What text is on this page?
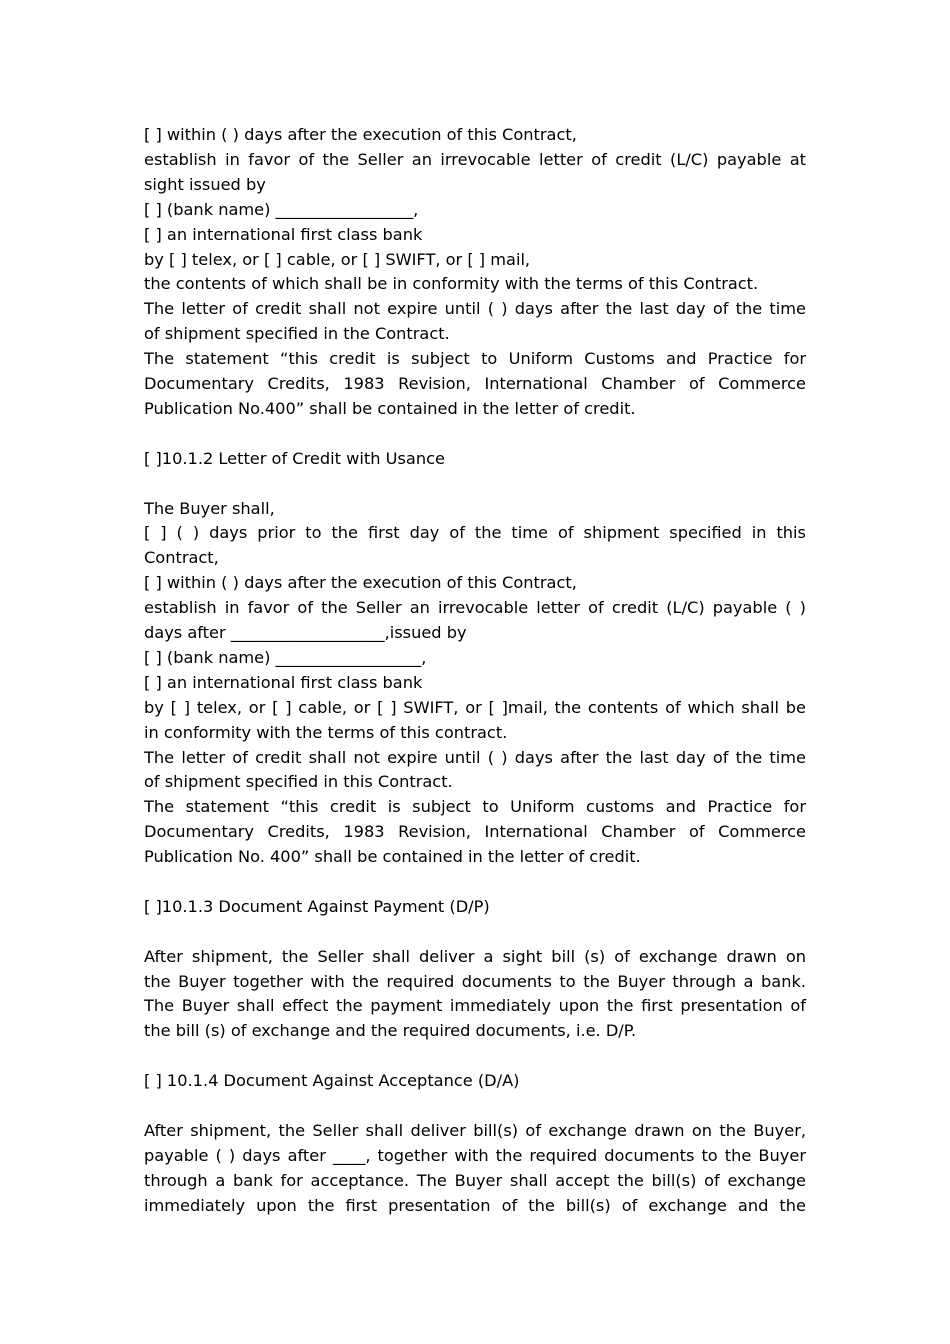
[ ] within ( ) days after the execution of this Contract,
establish in favor of the Seller an irrevocable letter of credit (L/C) payable at
sight issued by
[ ] (bank name) _________________,
[ ] an international first class bank
by [ ] telex, or [ ] cable, or [ ] SWIFT, or [ ] mail,
the contents of which shall be in conformity with the terms of this Contract.
The letter of credit shall not expire until ( ) days after the last day of the time
of shipment specified in the Contract.
The statement “this credit is subject to Uniform Customs and Practice for
Documentary Credits, 1983 Revision, International Chamber of Commerce
Publication No.400” shall be contained in the letter of credit.
[ ]10.1.2 Letter of Credit with Usance
The Buyer shall,
[ ] ( ) days prior to the first day of the time of shipment specified in this
Contract,
[ ] within ( ) days after the execution of this Contract,
establish in favor of the Seller an irrevocable letter of credit (L/C) payable ( )
days after ___________________,issued by
[ ] (bank name) __________________,
[ ] an international first class bank
by [ ] telex, or [ ] cable, or [ ] SWIFT, or [ ]mail, the contents of which shall be
in conformity with the terms of this contract.
The letter of credit shall not expire until ( ) days after the last day of the time
of shipment specified in this Contract.
The statement “this credit is subject to Uniform customs and Practice for
Documentary Credits, 1983 Revision, International Chamber of Commerce
Publication No. 400” shall be contained in the letter of credit.
[ ]10.1.3 Document Against Payment (D/P)
After shipment, the Seller shall deliver a sight bill (s) of exchange drawn on
the Buyer together with the required documents to the Buyer through a bank.
The Buyer shall effect the payment immediately upon the first presentation of
the bill (s) of exchange and the required documents, i.e. D/P.
[ ] 10.1.4 Document Against Acceptance (D/A)
After shipment, the Seller shall deliver bill(s) of exchange drawn on the Buyer,
payable ( ) days after ____, together with the required documents to the Buyer
through a bank for acceptance. The Buyer shall accept the bill(s) of exchange
immediately upon the first presentation of the bill(s) of exchange and the
